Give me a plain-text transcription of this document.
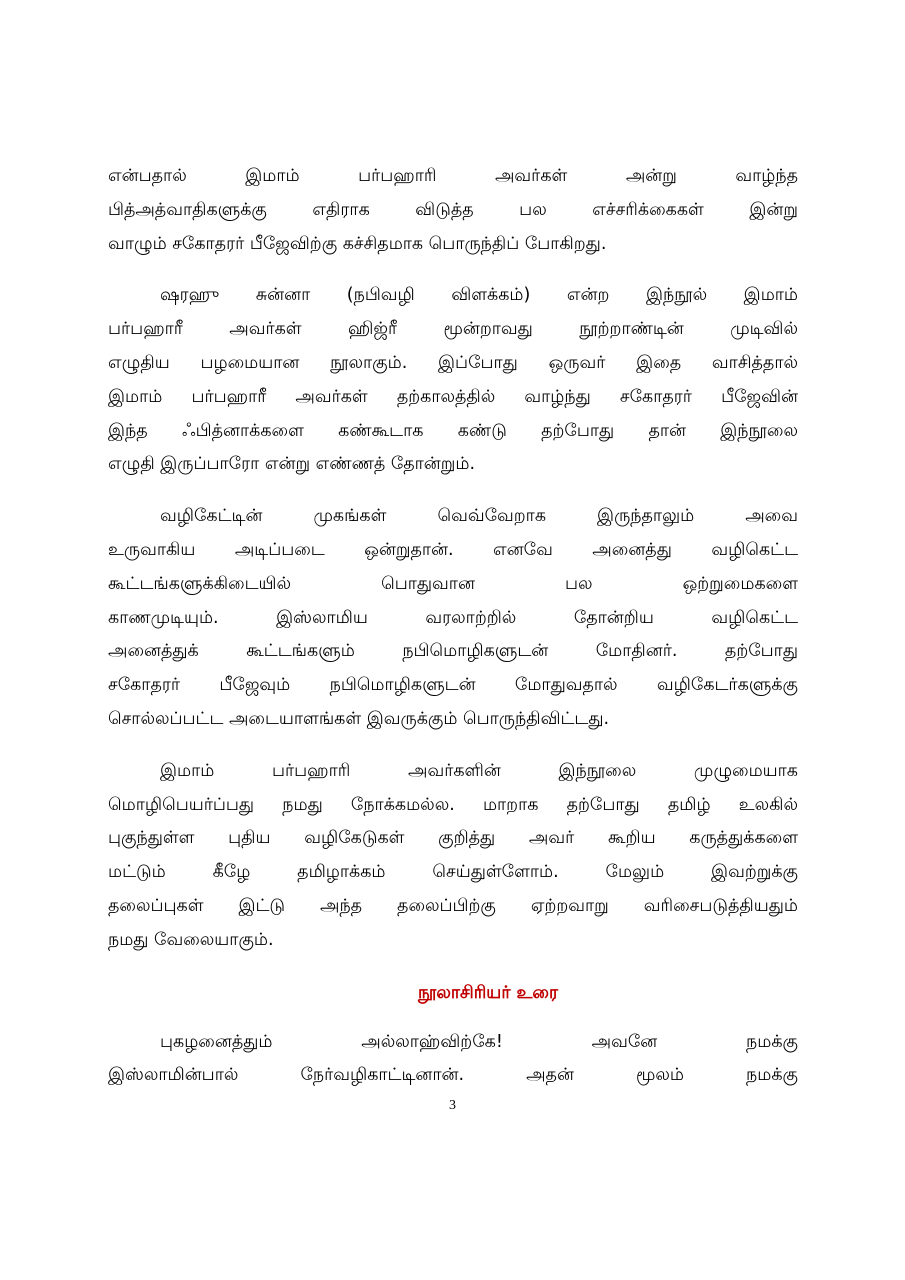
என்பதால் இமாம் பர்பஹாரி அவர்கள் அன்று வாழ்ந்த
பித்அத்வாதிகளுக்கு எதிராக விடுத்த பல எச்சரிக்கைகள் இன்று
வாழும் சகோதரர் பீஜேவிற்கு கச்சிதமாக பொருந்திப் போகிறது.
ஷரஹு சுன்னா (நபிவழி விளக்கம்) என்ற இந்நூல் இமாம்
பர்பஹாரீ அவர்கள் ஹிஜ்ரீ மூன்றாவது நூற்றாண்டின் முடிவில்
எழுதிய பழமையான நூலாகும். இப்போது ஒருவர் இதை வாசித்தால்
இமாம் பர்பஹாரீ அவர்கள் தற்காலத்தில் வாழ்ந்து சகோதரர் பீஜேவின்
இந்த ஃபித்னாக்களை கண்கூடாக கண்டு தற்போது தான் இந்நூலை
எழுதி இருப்பாரோ என்று எண்ணத் தோன்றும்.
வழிகேட்டின் முகங்கள் வெவ்வேறாக இருந்தாலும் அவை
உருவாகிய அடிப்படை ஒன்றுதான். எனவே அனைத்து வழிகெட்ட
கூட்டங்களுக்கிடையில் பொதுவான பல ஒற்றுமைகளை
காணமுடியும். இஸ்லாமிய வரலாற்றில் தோன்றிய வழிகெட்ட
அனைத்துக் கூட்டங்களும் நபிமொழிகளுடன் மோதினர். தற்போது
சகோதரர் பீஜேவும் நபிமொழிகளுடன் மோதுவதால் வழிகேடர்களுக்கு
சொல்லப்பட்ட அடையாளங்கள் இவருக்கும் பொருந்திவிட்டது.
இமாம் பர்பஹாரி அவர்களின் இந்நூலை முழுமையாக
மொழிபெயர்ப்பது நமது நோக்கமல்ல. மாறாக தற்போது தமிழ் உலகில்
புகுந்துள்ள புதிய வழிகேடுகள் குறித்து அவர் கூறிய கருத்துக்களை
மட்டும் கீழே தமிழாக்கம் செய்துள்ளோம். மேலும் இவற்றுக்கு
தலைப்புகள் இட்டு அந்த தலைப்பிற்கு ஏற்றவாறு வரிசைபடுத்தியதும்
நமது வேலையாகும்.
நூலாசிரியர் உரை
புகழனைத்தும் அல்லாஹ்விற்கே! அவனே நமக்கு
இஸ்லாமின்பால் நேர்வழிகாட்டினான். அதன் மூலம் நமக்கு
3
